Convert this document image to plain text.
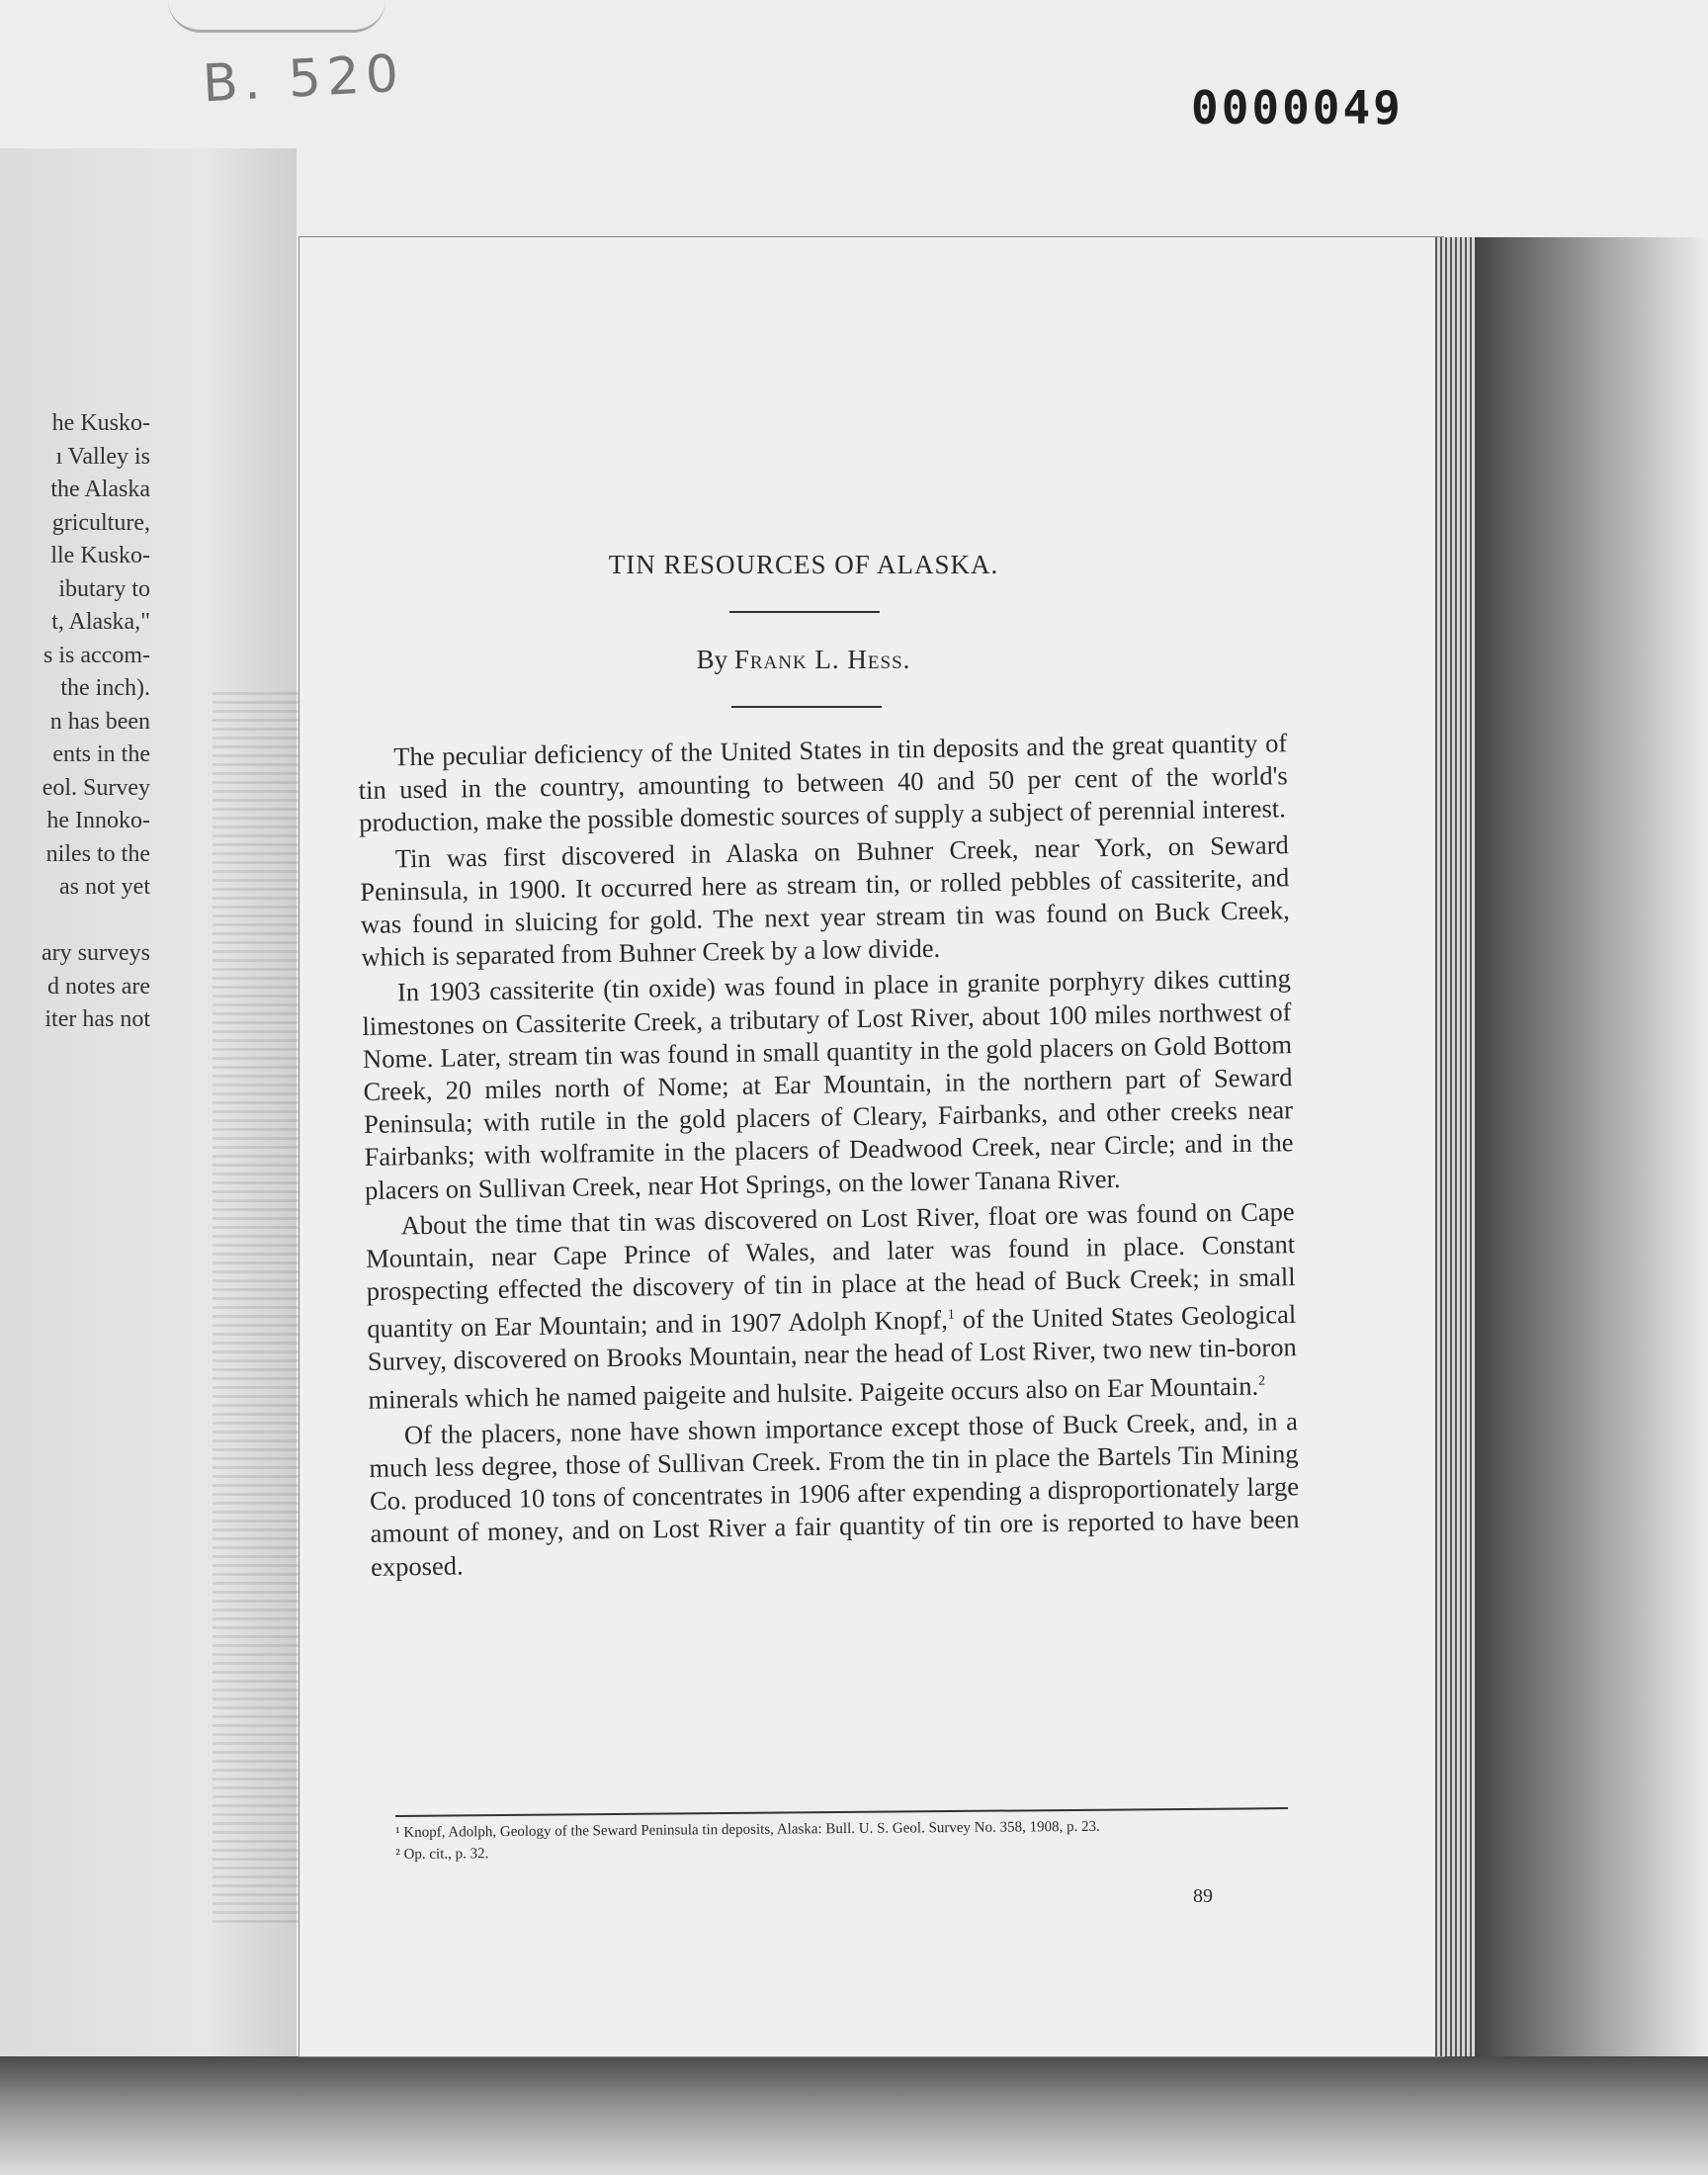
he Kusko-
ı Valley is
the Alaska
griculture,
lle Kusko-
ibutary to
t, Alaska,"
s is accom-
the inch).
n has been
ents in the
eol. Survey
he Innoko-
niles to the
as not yet

ary surveys
d notes are
iter has not
B. 520	0000049
TIN RESOURCES OF ALASKA.
By Frank L. Hess.

The peculiar deficiency of the United States in tin deposits and the great quantity of tin used in the country, amounting to between 40 and 50 per cent of the world's production, make the possible domestic sources of supply a subject of perennial interest.

Tin was first discovered in Alaska on Buhner Creek, near York, on Seward Peninsula, in 1900. It occurred here as stream tin, or rolled pebbles of cassiterite, and was found in sluicing for gold. The next year stream tin was found on Buck Creek, which is separated from Buhner Creek by a low divide.

In 1903 cassiterite (tin oxide) was found in place in granite porphyry dikes cutting limestones on Cassiterite Creek, a tributary of Lost River, about 100 miles northwest of Nome. Later, stream tin was found in small quantity in the gold placers on Gold Bottom Creek, 20 miles north of Nome; at Ear Mountain, in the northern part of Seward Peninsula; with rutile in the gold placers of Cleary, Fairbanks, and other creeks near Fairbanks; with wolframite in the placers of Deadwood Creek, near Circle; and in the placers on Sullivan Creek, near Hot Springs, on the lower Tanana River.

About the time that tin was discovered on Lost River, float ore was found on Cape Mountain, near Cape Prince of Wales, and later was found in place. Constant prospecting effected the discovery of tin in place at the head of Buck Creek; in small quantity on Ear Mountain; and in 1907 Adolph Knopf,$^1$ of the United States Geological Survey, discovered on Brooks Mountain, near the head of Lost River, two new tin-boron minerals which he named paigeite and hulsite. Paigeite occurs also on Ear Mountain.$^2$

Of the placers, none have shown importance except those of Buck Creek, and, in a much less degree, those of Sullivan Creek. From the tin in place the Bartels Tin Mining Co. produced 10 tons of concentrates in 1906 after expending a disproportionately large amount of money, and on Lost River a fair quantity of tin ore is reported to have been exposed.

¹ Knopf, Adolph, Geology of the Seward Peninsula tin deposits, Alaska: Bull. U. S. Geol. Survey No. 358, 1908, p. 23.

² Op. cit., p. 32.

89
